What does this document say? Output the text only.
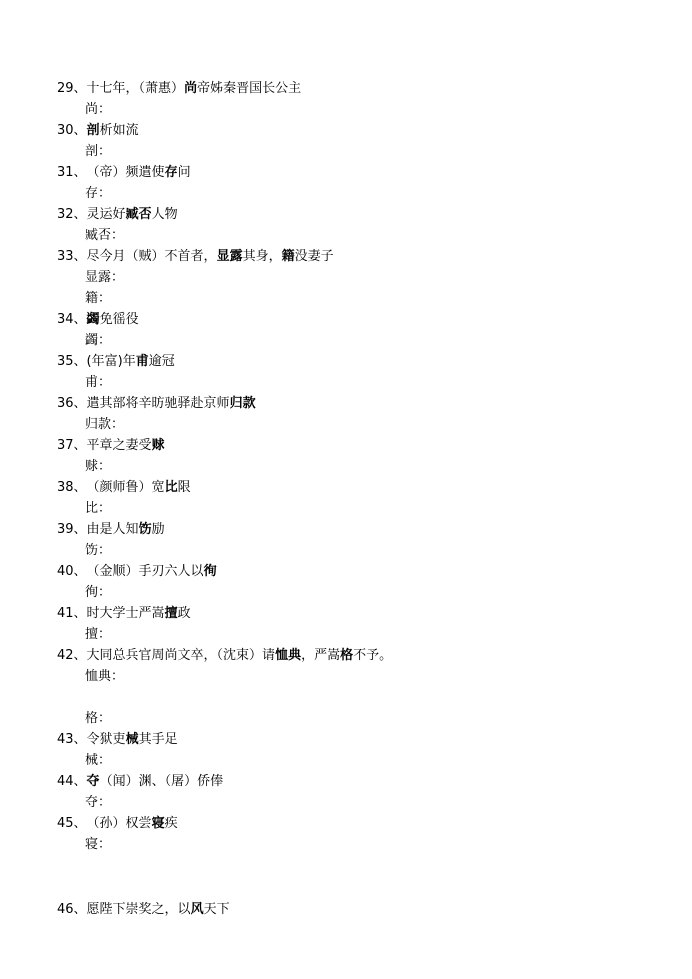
29、十七年，（萧惠）尚帝姊秦晋国长公主
尚：
30、剖析如流
剖：
31、（帝）频遣使存问
存：
32、灵运好臧否人物
臧否：
33、尽今月（贼）不首者，显露其身，籍没妻子
显露：
籍：
34、蠲免徭役
蠲：
35、(年富)年甫逾冠
甫：
36、遣其部将辛昉驰驿赴京师归款
归款：
37、平章之妻受赇
赇：
38、（颜师鲁）宽比限
比：
39、由是人知饬励
饬：
40、（金顺）手刃六人以徇
徇：
41、时大学士严嵩擅政
擅：
42、大同总兵官周尚文卒，（沈束）请恤典，严嵩格不予。
恤典：
格：
43、令狱吏械其手足
械：
44、夺（闻）渊、（屠）侨俸
夺：
45、（孙）权尝寝疾
寝：
46、愿陛下崇奖之，以风天下
